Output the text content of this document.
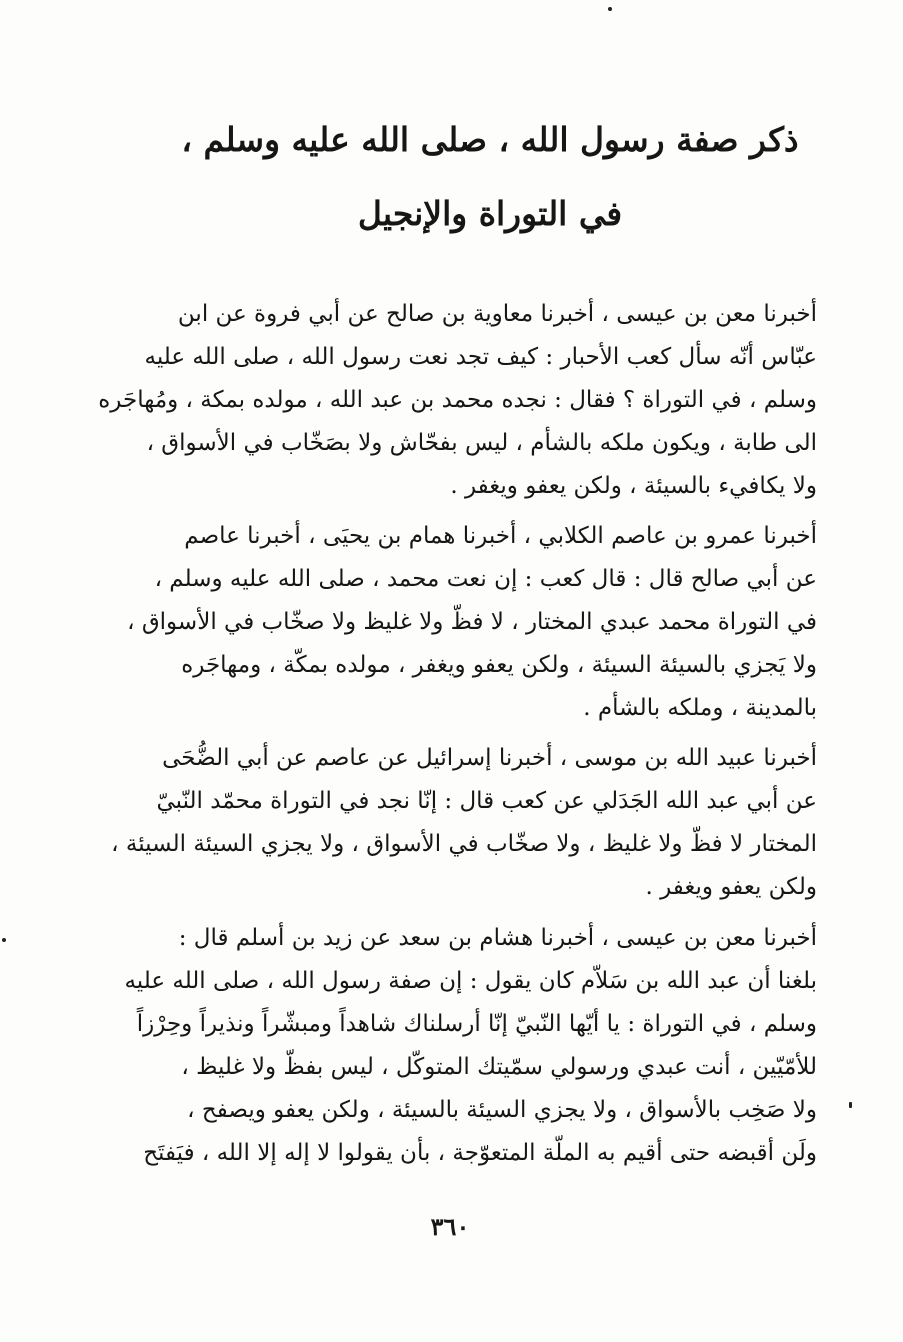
ذكر صفة رسول الله ، صلى الله عليه وسلم ،
في التوراة والإنجيل
أخبرنا معن بن عيسى ، أخبرنا معاوية بن صالح عن أبي فروة عن ابن
عبّاس أنّه سأل كعب الأحبار : كيف تجد نعت رسول الله ، صلى الله عليه
وسلم ، في التوراة ؟ فقال : نجده محمد بن عبد الله ، مولده بمكة ، ومُهاجَره
الى طابة ، ويكون ملكه بالشأم ، ليس بفحّاش ولا بصَخّاب في الأسواق ،
ولا يكافيء بالسيئة ، ولكن يعفو ويغفر .
أخبرنا عمرو بن عاصم الكلابي ، أخبرنا همام بن يحيَى ، أخبرنا عاصم
عن أبي صالح قال : قال كعب : إن نعت محمد ، صلى الله عليه وسلم ،
في التوراة محمد عبدي المختار ، لا فظّ ولا غليظ ولا صخّاب في الأسواق ،
ولا يَجزي بالسيئة السيئة ، ولكن يعفو ويغفر ، مولده بمكّة ، ومهاجَره
بالمدينة ، وملكه بالشأم .
أخبرنا عبيد الله بن موسى ، أخبرنا إسرائيل عن عاصم عن أبي الضُّحَى
عن أبي عبد الله الجَدَلي عن كعب قال : إنّا نجد في التوراة محمّد النّبيّ
المختار لا فظّ ولا غليظ ، ولا صخّاب في الأسواق ، ولا يجزي السيئة السيئة ،
ولكن يعفو ويغفر .
أخبرنا معن بن عيسى ، أخبرنا هشام بن سعد عن زيد بن أسلم قال :
بلغنا أن عبد الله بن سَلاّم كان يقول : إن صفة رسول الله ، صلى الله عليه
وسلم ، في التوراة : يا أيّها النّبيّ إنّا أرسلناك شاهداً ومبشّراً ونذيراً وحِرْزاً
للأمّيّين ، أنت عبدي ورسولي سمّيتك المتوكّل ، ليس بفظّ ولا غليظ ،
ولا صَخِب بالأسواق ، ولا يجزي السيئة بالسيئة ، ولكن يعفو ويصفح ،
ولَن أقبضه حتى أقيم به الملّة المتعوّجة ، بأن يقولوا لا إله إلا الله ، فيَفتَح
٣٦٠
